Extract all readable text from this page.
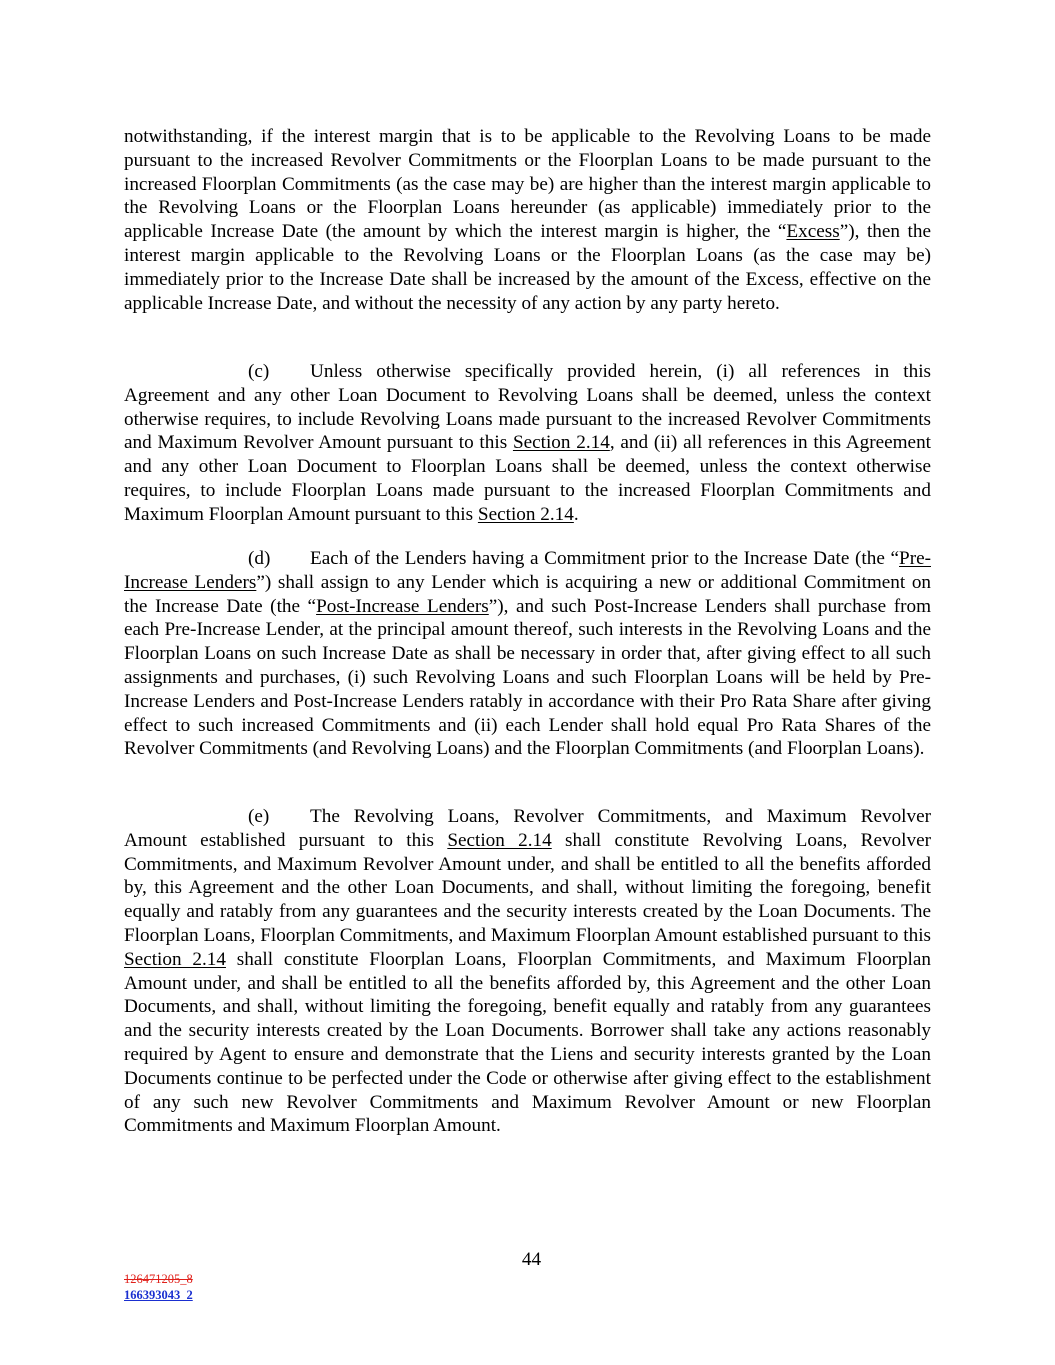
notwithstanding, if the interest margin that is to be applicable to the Revolving Loans to be made pursuant to the increased Revolver Commitments or the Floorplan Loans to be made pursuant to the increased Floorplan Commitments (as the case may be) are higher than the interest margin applicable to the Revolving Loans or the Floorplan Loans hereunder (as applicable) immediately prior to the applicable Increase Date (the amount by which the interest margin is higher, the “Excess”), then the interest margin applicable to the Revolving Loans or the Floorplan Loans (as the case may be) immediately prior to the Increase Date shall be increased by the amount of the Excess, effective on the applicable Increase Date, and without the necessity of any action by any party hereto.

(c) Unless otherwise specifically provided herein, (i) all references in this Agreement and any other Loan Document to Revolving Loans shall be deemed, unless the context otherwise requires, to include Revolving Loans made pursuant to the increased Revolver Commitments and Maximum Revolver Amount pursuant to this Section 2.14, and (ii) all references in this Agreement and any other Loan Document to Floorplan Loans shall be deemed, unless the context otherwise requires, to include Floorplan Loans made pursuant to the increased Floorplan Commitments and Maximum Floorplan Amount pursuant to this Section 2.14.

(d) Each of the Lenders having a Commitment prior to the Increase Date (the “Pre-Increase Lenders”) shall assign to any Lender which is acquiring a new or additional Commitment on the Increase Date (the “Post-Increase Lenders”), and such Post-Increase Lenders shall purchase from each Pre-Increase Lender, at the principal amount thereof, such interests in the Revolving Loans and the Floorplan Loans on such Increase Date as shall be necessary in order that, after giving effect to all such assignments and purchases, (i) such Revolving Loans and such Floorplan Loans will be held by Pre-Increase Lenders and Post-Increase Lenders ratably in accordance with their Pro Rata Share after giving effect to such increased Commitments and (ii) each Lender shall hold equal Pro Rata Shares of the Revolver Commitments (and Revolving Loans) and the Floorplan Commitments (and Floorplan Loans).

(e) The Revolving Loans, Revolver Commitments, and Maximum Revolver Amount established pursuant to this Section 2.14 shall constitute Revolving Loans, Revolver Commitments, and Maximum Revolver Amount under, and shall be entitled to all the benefits afforded by, this Agreement and the other Loan Documents, and shall, without limiting the foregoing, benefit equally and ratably from any guarantees and the security interests created by the Loan Documents. The Floorplan Loans, Floorplan Commitments, and Maximum Floorplan Amount established pursuant to this Section 2.14 shall constitute Floorplan Loans, Floorplan Commitments, and Maximum Floorplan Amount under, and shall be entitled to all the benefits afforded by, this Agreement and the other Loan Documents, and shall, without limiting the foregoing, benefit equally and ratably from any guarantees and the security interests created by the Loan Documents. Borrower shall take any actions reasonably required by Agent to ensure and demonstrate that the Liens and security interests granted by the Loan Documents continue to be perfected under the Code or otherwise after giving effect to the establishment of any such new Revolver Commitments and Maximum Revolver Amount or new Floorplan Commitments and Maximum Floorplan Amount.

44
126471205_8
166393043_2
